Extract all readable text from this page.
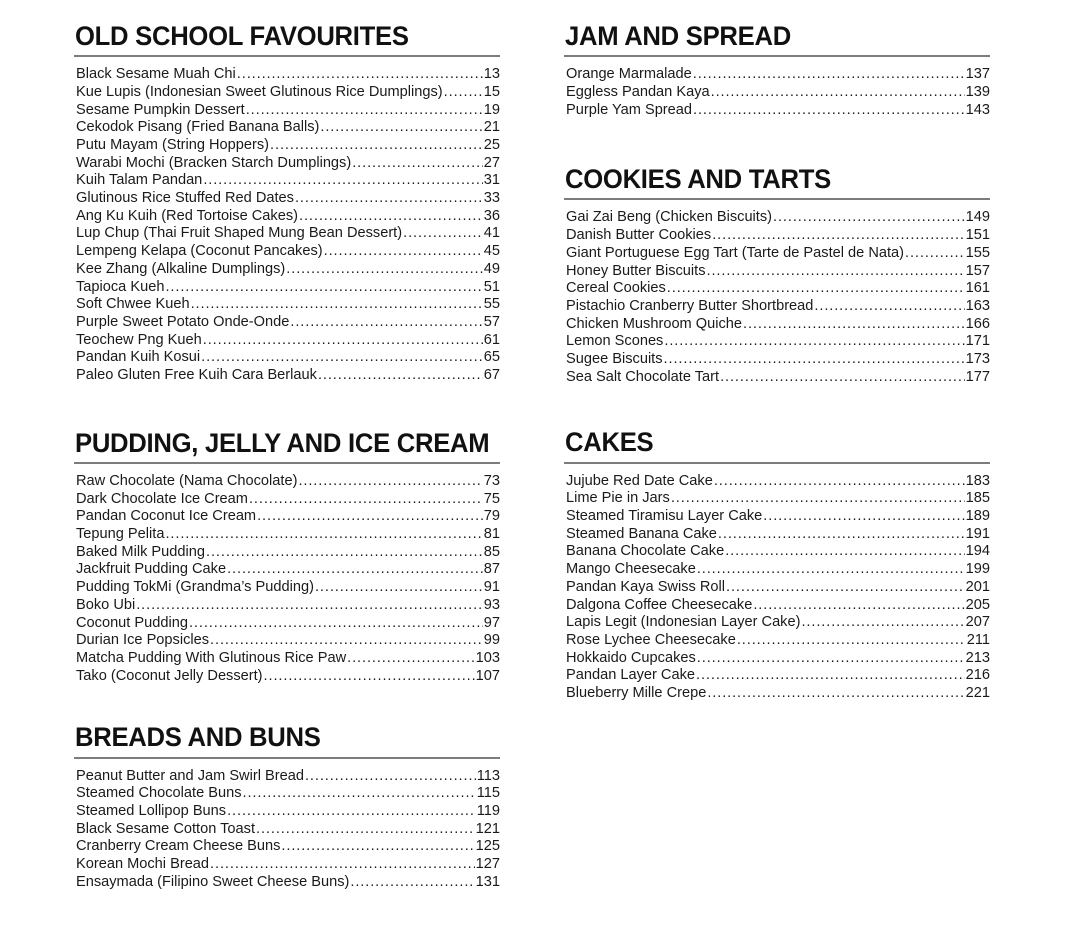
OLD SCHOOL FAVOURITES
Black Sesame Muah Chi .....	13
Kue Lupis (Indonesian Sweet Glutinous Rice Dumplings) .....	15
Sesame Pumpkin Dessert .....	19
Cekodok Pisang (Fried Banana Balls) .....	21
Putu Mayam (String Hoppers) .....	25
Warabi Mochi (Bracken Starch Dumplings) .....	27
Kuih Talam Pandan .....	31
Glutinous Rice Stuffed Red Dates .....	33
Ang Ku Kuih (Red Tortoise Cakes) .....	36
Lup Chup (Thai Fruit Shaped Mung Bean Dessert) .....	41
Lempeng Kelapa (Coconut Pancakes) .....	45
Kee Zhang (Alkaline Dumplings) .....	49
Tapioca Kueh .....	51
Soft Chwee Kueh .....	55
Purple Sweet Potato Onde-Onde .....	57
Teochew Png Kueh .....	61
Pandan Kuih Kosui .....	65
Paleo Gluten Free Kuih Cara Berlauk .....	67
PUDDING, JELLY AND ICE CREAM
Raw Chocolate (Nama Chocolate) .....	73
Dark Chocolate Ice Cream .....	75
Pandan Coconut Ice Cream .....	79
Tepung Pelita .....	81
Baked Milk Pudding .....	85
Jackfruit Pudding Cake .....	87
Pudding TokMi (Grandma’s Pudding) .....	91
Boko Ubi .....	93
Coconut Pudding .....	97
Durian Ice Popsicles .....	99
Matcha Pudding With Glutinous Rice Paw .....	103
Tako (Coconut Jelly Dessert) .....	107
BREADS AND BUNS
Peanut Butter and Jam Swirl Bread .....	113
Steamed Chocolate Buns .....	115
Steamed Lollipop Buns .....	119
Black Sesame Cotton Toast .....	121
Cranberry Cream Cheese Buns .....	125
Korean Mochi Bread .....	127
Ensaymada (Filipino Sweet Cheese Buns) .....	131
JAM AND SPREAD
Orange Marmalade .....	137
Eggless Pandan Kaya .....	139
Purple Yam Spread .....	143
COOKIES AND TARTS
Gai Zai Beng (Chicken Biscuits) .....	149
Danish Butter Cookies .....	151
Giant Portuguese Egg Tart (Tarte de Pastel de Nata) .....	155
Honey Butter Biscuits .....	157
Cereal Cookies .....	161
Pistachio Cranberry Butter Shortbread .....	163
Chicken Mushroom Quiche .....	166
Lemon Scones .....	171
Sugee Biscuits .....	173
Sea Salt Chocolate Tart .....	177
CAKES
Jujube Red Date Cake .....	183
Lime Pie in Jars .....	185
Steamed Tiramisu Layer Cake .....	189
Steamed Banana Cake .....	191
Banana Chocolate Cake .....	194
Mango Cheesecake .....	199
Pandan Kaya Swiss Roll .....	201
Dalgona Coffee Cheesecake .....	205
Lapis Legit (Indonesian Layer Cake) .....	207
Rose Lychee Cheesecake .....	211
Hokkaido Cupcakes .....	213
Pandan Layer Cake .....	216
Blueberry Mille Crepe .....	221
